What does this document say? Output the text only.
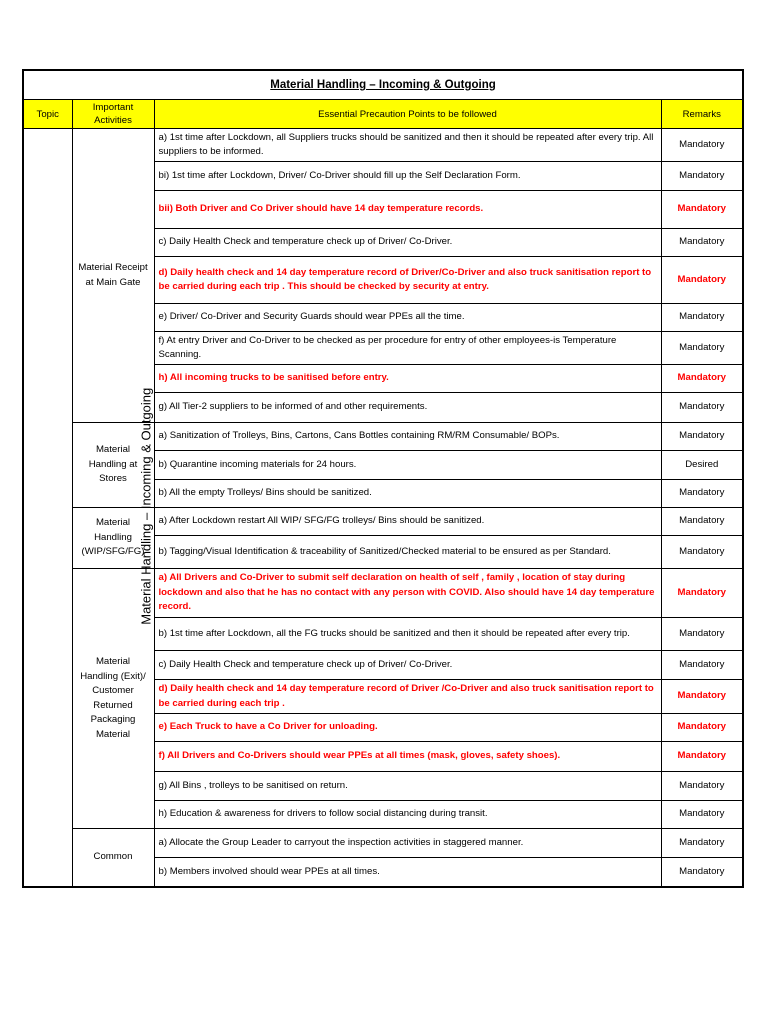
Material Handling – Incoming & Outgoing			
Topic	Important Activities	Essential Precaution Points to be followed	Remarks
Material Handling – Incoming & Outgoing	Material Receipt at Main Gate	a) 1st time after Lockdown, all Suppliers trucks should be sanitized and then it should be repeated after every trip. All suppliers to be informed.	Mandatory
		bi) 1st time after Lockdown, Driver/ Co-Driver should fill up the Self Declaration Form.	Mandatory
		bii) Both Driver and Co Driver should have 14 day temperature records.	Mandatory
		c) Daily Health Check and temperature check up of Driver/ Co-Driver.	Mandatory
		d) Daily health check and 14 day temperature record of Driver/Co-Driver and also truck sanitisation report to be carried during each trip . This should be checked by security at entry.	Mandatory
		e) Driver/ Co-Driver and Security Guards should wear PPEs all the time.	Mandatory
		f) At entry Driver and Co-Driver to be checked as per procedure for entry of other employees-is Temperature Scanning.	Mandatory
		h) All incoming trucks to be sanitised before entry.	Mandatory
		g) All Tier-2 suppliers to be informed of and other requirements.	Mandatory
	Material Handling at Stores	a) Sanitization of Trolleys, Bins, Cartons, Cans Bottles containing RM/RM Consumable/ BOPs.	Mandatory
		b) Quarantine incoming materials for 24 hours.	Desired
		b) All the empty Trolleys/ Bins should be sanitized.	Mandatory
	Material Handling (WIP/SFG/FG)	a) After Lockdown restart All WIP/ SFG/FG trolleys/ Bins should be sanitized.	Mandatory
		b) Tagging/Visual Identification & traceability of Sanitized/Checked material to be ensured as per Standard.	Mandatory
	Material Handling (Exit)/ Customer Returned Packaging Material	a) All Drivers and Co-Driver to submit self declaration on health of self , family , location of stay during lockdown and also that he has no contact with any person with COVID. Also should have 14 day temperature record.	Mandatory
		b) 1st time after Lockdown, all the FG trucks should be sanitized and then it should be repeated after every trip.	Mandatory
		c) Daily Health Check and temperature check up of Driver/ Co-Driver.	Mandatory
		d) Daily health check and 14 day temperature record of Driver /Co-Driver and also truck sanitisation report to be carried during each trip .	Mandatory
		e) Each Truck to have a Co Driver for unloading.	Mandatory
		f) All Drivers and Co-Drivers should wear PPEs at all times (mask, gloves, safety shoes).	Mandatory
		g) All Bins , trolleys to be sanitised on return.	Mandatory
		h) Education & awareness for drivers to follow social distancing during transit.	Mandatory
	Common	a) Allocate the Group Leader to carryout the inspection activities in staggered manner.	Mandatory
		b) Members involved should wear PPEs at all times.	Mandatory
